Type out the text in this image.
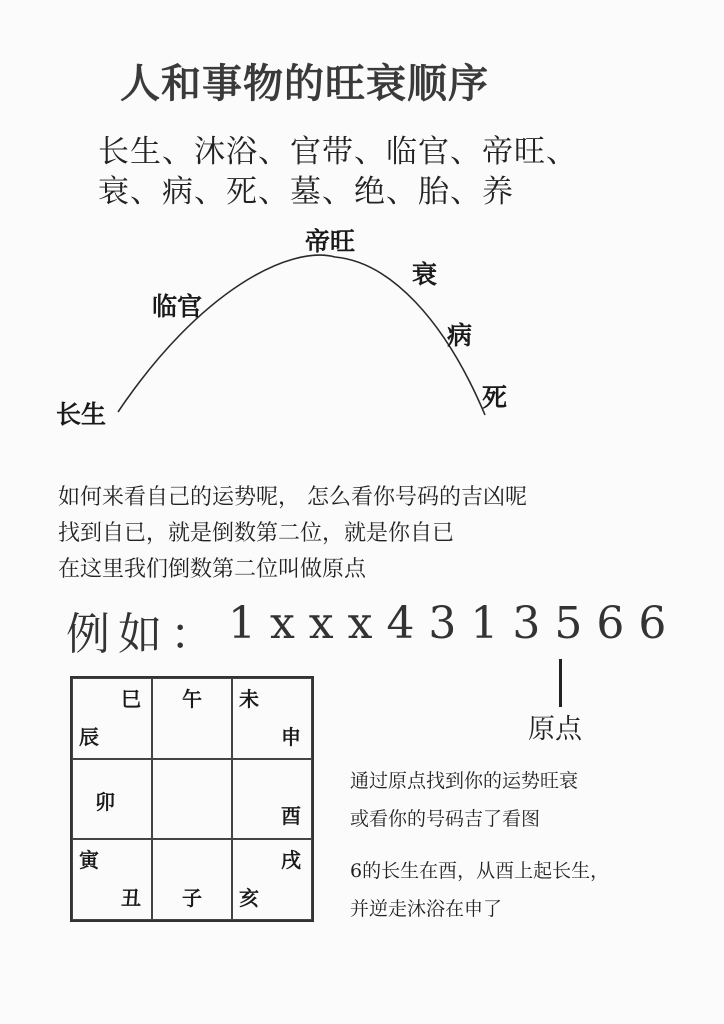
人和事物的旺衰顺序
长生、沐浴、官带、临官、帝旺、
衰、病、死、墓、绝、胎、养
帝旺
临官
衰
病
死
长生
如何来看自己的运势呢， 怎么看你号码的吉凶呢
找到自已，就是倒数第二位，就是你自已
在这里我们倒数第二位叫做原点
例如： 1xxx4313566
原点
巳
辰
午	未
申
卯
酉
寅
丑	子
戌
亥
通过原点找到你的运势旺衰
或看你的号码吉了看图
6的长生在酉，从酉上起长生，
并逆走沐浴在申了
